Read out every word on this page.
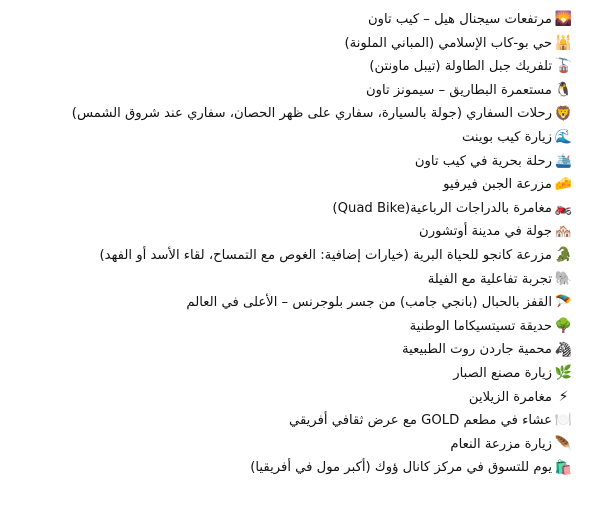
🌄
مرتفعات سيجنال هيل – كيب تاون
🕌
حي بو-كاب الإسلامي (المباني الملونة)
🚡
تلفريك جبل الطاولة (تيبل ماونتن)
🐧
مستعمرة البطاريق – سيمونز تاون
🦁
رحلات السفاري (جولة بالسيارة، سفاري على ظهر الحصان، سفاري عند شروق الشمس)
🌊
زيارة كيب بوينت
🛳️
رحلة بحرية في كيب تاون
🧀
مزرعة الجبن فيرفيو
🏍️
مغامرة بالدراجات الرباعية(Quad Bike)
🏘️
جولة في مدينة أوتشورن
🐊
مزرعة كانجو للحياة البرية (خيارات إضافية: الغوص مع التمساح، لقاء الأسد أو الفهد)
🐘
تجربة تفاعلية مع الفيلة
🪂
القفز بالحبال (بانجي جامب) من جسر بلوجرنس – الأعلى في العالم
🌳
حديقة تسيتسيكاما الوطنية
🦓
محمية جاردن روت الطبيعية
🌿
زيارة مصنع الصبار
⚡
مغامرة الزيلاين
🍽️
عشاء في مطعم GOLD مع عرض ثقافي أفريقي
🪶
زيارة مزرعة النعام
🛍️
يوم للتسوق في مركز كانال ؤوك (أكبر مول في أفريقيا)
